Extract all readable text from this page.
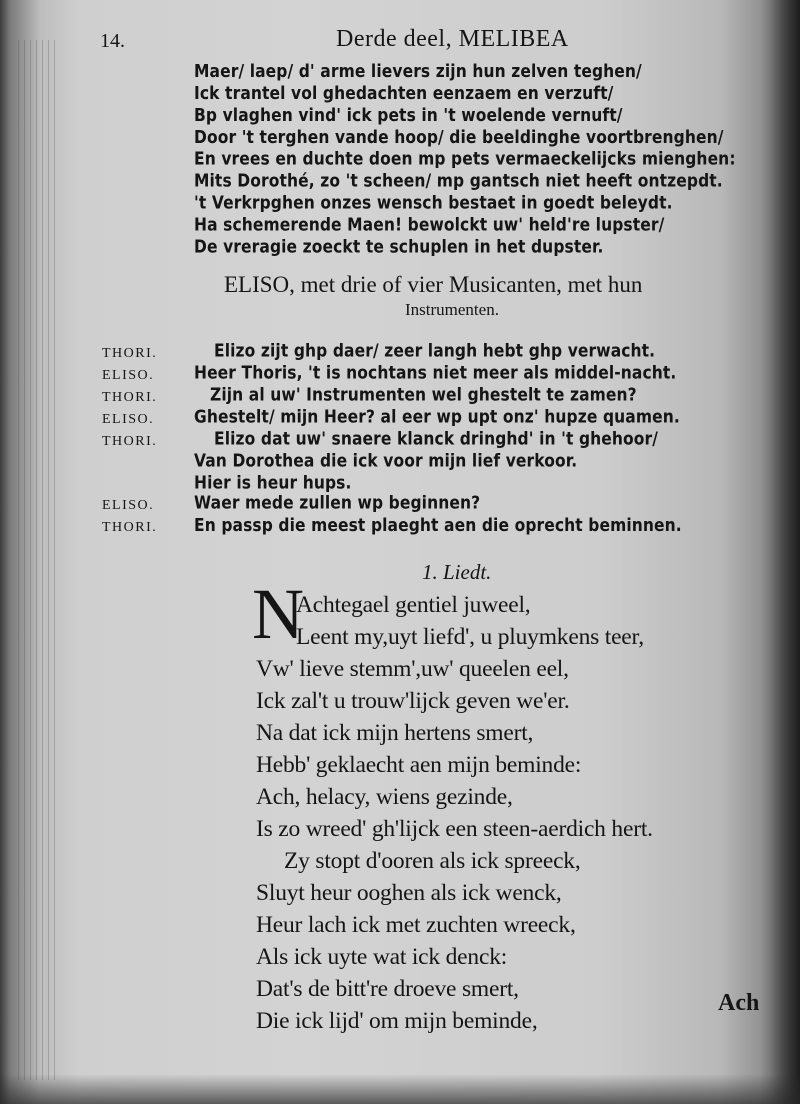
14.	Derde deel, MELIBEA
Maer/ laep/ d' arme lievers zijn hun zelven teghen/
Ick trantel vol ghedachten eenzaem en verzuft/
Bp vlaghen vind' ick pets in 't woelende vernuft/
Door 't terghen vande hoop/ die beeldinghe voortbrenghen/
En vrees en duchte doen mp pets vermaeckelijcks mienghen:
Mits Dorothé, zo 't scheen/ mp gantsch niet heeft ontzepdt.
't Verkrpghen onzes wensch bestaet in goedt beleydt.
Ha schemerende Maen! bewolckt uw' held're lupster/
De vreragie zoeckt te schuplen in het dupster.
ELISO, met drie of vier Musicanten, met hun
Instrumenten.
THORI.	Elizo zijt ghp daer/ zeer langh hebt ghp verwacht.
ELISO.	Heer Thoris, 't is nochtans niet meer als middel-nacht.
THORI.	Zijn al uw' Instrumenten wel ghestelt te zamen?
ELISO.	Ghestelt/ mijn Heer? al eer wp upt onz' hupze quamen.
THORI.	Elizo dat uw' snaere klanck dringhd' in 't ghehoor/
Van Dorothea die ick voor mijn lief verkoor.
Hier is heur hups.
ELISO.	Waer mede zullen wp beginnen?
THORI. En passp die meest plaeght aen die oprecht beminnen.
1. Liedt.
N
Achtegael gentiel juweel,
Leent my,uyt liefd', u pluymkens teer,
Vw' lieve stemm',uw' queelen eel,
Ick zal't u trouw'lijck geven we'er.
Na dat ick mijn hertens smert,
Hebb' geklaecht aen mijn beminde:
Ach, helacy, wiens gezinde,
Is zo wreed' gh'lijck een steen-aerdich hert.
Zy stopt d'ooren als ick spreeck,
Sluyt heur ooghen als ick wenck,
Heur lach ick met zuchten wreeck,
Als ick uyte wat ick denck:
Dat's de bitt're droeve smert,
Die ick lijd' om mijn beminde,
Ach
